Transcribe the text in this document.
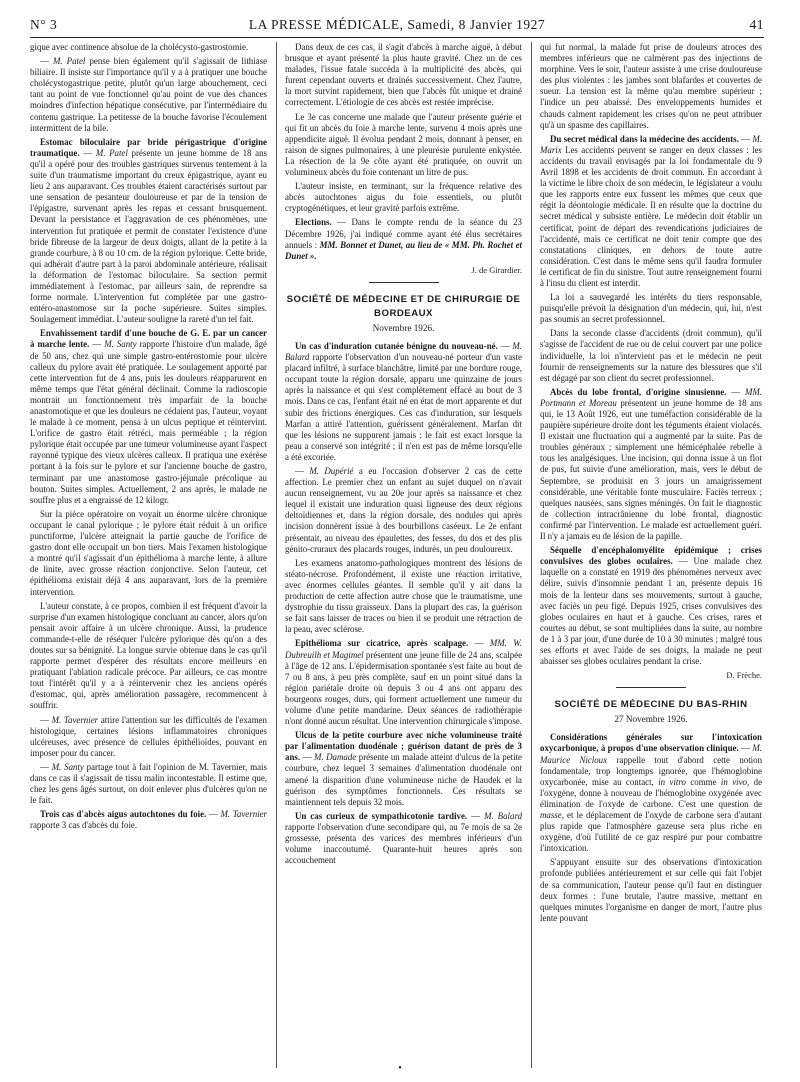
N° 3	LA PRESSE MÉDICALE, Samedi, 8 Janvier 1927	41

gique avec continence absolue de la cholécysto-gastrostomie.

— M. Patel pense bien également qu'il s'agissait de lithiase biliaire. Il insiste sur l'importance qu'il y a à pratiquer une bouche cholécystogastrique petite, plutôt qu'un large abouchement, ceci tant au point de vue fonctionnel qu'au point de vue des chances moindres d'infection hépatique consécutive, par l'intermédiaire du contenu gastrique. La petitesse de la bouche favorise l'écoulement intermittent de la bile.

Estomac biloculaire par bride périgastrique d'origine traumatique. — M. Patel présente un jeune homme de 18 ans qu'il a opéré pour des troubles gastriques survenus tentement à la suite d'un traumatisme important du creux épigastrique, ayant eu lieu 2 ans auparavant. Ces troubles étaient caractérisés surtout par une sensation de pesanteur douloureuse et par de la tension de l'épigastre, survenant après les repas et cessant brusquement. Devant la persistance et l'aggravation de ces phénomènes, une intervention fut pratiquée et permit de constater l'existence d'une bride fibreuse de la largeur de deux doigts, allant de la petite à la grande courbure, à 8 ou 10 cm. de la région pylorique. Cette bride, qui adhérait d'autre part à la paroi abdominale antérieure, réalisait la déformation de l'estomac biloculaire. Sa section permit immédiatement à l'estomac, par ailleurs sain, de reprendre sa forme normale. L'intervention fut complétée par une gastro-entéro-anastomose sur la poche supérieure. Suites simples. Soulagement immédiat. L'auteur souligne la rareté d'un tel fait.

Envahissement tardif d'une bouche de G. E. par un cancer à marche lente. — M. Santy rapporte l'histoire d'un malade, âgé de 50 ans, chez qui une simple gastro-entérostomie pour ulcère calleux du pylore avait été pratiquée. Le soulagement apporté par cette intervention fut de 4 ans, puis les douleurs réapparurent en même temps que l'état général déclinait. Comme la radioscopie montrait un fonctionnement très imparfait de la bouche anastomotique et que les douleurs ne cédaient pas, l'auteur, voyant le malade à ce moment, pensa à un ulcus peptique et réintervint. L'orifice de gastro était rétréci, mais perméable ; la région pylorique était occupée par une tumeur volumineuse ayant l'aspect rayonné typique des vieux ulcères calleux. Il pratiqua une exérèse portant à la fois sur le pylore et sur l'ancienne bouche de gastro, terminant par une anastomose gastro-jéjunale précolique au bouton. Suites simples. Actuellement, 2 ans après, le malade ne souffre plus et a engraissé de 12 kilogr.

Sur la pièce opératoire on voyait un énorme ulcère chronique occupant le canal pylorique ; le pylore était réduit à un orifice punctiforme, l'ulcère atteignait la partie gauche de l'orifice de gastro dont elle occupait un bon tiers. Mais l'examen histologique a montré qu'il s'agissait d'un épithélioma à marche lente, à allure de linite, avec grosse réaction conjonctive. Selon l'auteur, cet épithélioma existait déjà 4 ans auparavant, lors de la première intervention.

L'auteur constate, à ce propos, combien il est fréquent d'avoir la surprise d'un examen histologique concluant au cancer, alors qu'on pensait avoir affaire à un ulcère chronique. Aussi, la prudence commande-t-elle de réséquer l'ulcère pylorique dès qu'on a des doutes sur sa bénignité. La longue survie obtenue dans le cas qu'il rapporte permet d'espérer des résultats encore meilleurs en pratiquant l'ablation radicale précoce. Par ailleurs, ce cas montre tout l'intérêt qu'il y a à réintervenir chez les anciens opérés d'estomac, qui, après amélioration passagère, recommencent à souffrir.

— M. Tavernier attire l'attention sur les difficultés de l'examen histologique, certaines lésions inflammatoires chroniques ulcéreuses, avec présence de cellules épithélioïdes, pouvant en imposer pour du cancer.

— M. Santy partage tout à fait l'opinion de M. Tavernier, mais dans ce cas il s'agissait de tissu malin incontestable. Il estime que, chez les gens âgés surtout, on doit enlever plus d'ulcères qu'on ne le fait.

Trois cas d'abcès aigus autochtones du foie. — M. Tavernier rapporte 3 cas d'abcès du foie.

Dans deux de ces cas, il s'agit d'abcès à marche aiguë, à début brusque et ayant présenté la plus haute gravité. Chez un de ces malades, l'issue fatale succéda à la multiplicité des abcès, qui furent cependant ouverts et drainés successivement. Chez l'autre, la mort survint rapidement, bien que l'abcès fût unique et drainé correctement. L'étiologie de ces abcès est restée imprécise.

Le 3e cas concerne une malade que l'auteur présente guérie et qui fit un abcès du foie à marche lente, survenu 4 mois après une appendicite aiguë. Il évolua pendant 2 mois, donnant à penser, en raison de signes pulmonaires, à une pleurésie purulente enkystée. La résection de la 9e côte ayant été pratiquée, on ouvrit un volumineux abcès du foie contenant un litre de pus.

L'auteur insiste, en terminant, sur la fréquence relative des abcès autochtones aigus du foie essentiels, ou plutôt cryptogénétiques, et leur gravité parfois extrême.

Elections. — Dans le compte rendu de la séance du 23 Décembre 1926, j'ai indiqué comme ayant été élus secrétaires annuels : MM. Bonnet et Dunet, au lieu de « MM. Ph. Rochet et Dunet ».

J. de Girardier.

SOCIÉTÉ DE MÉDECINE ET DE CHIRURGIE DE BORDEAUX
Novembre 1926.

Un cas d'induration cutanée bénigne du nouveau-né. — M. Balard rapporte l'observation d'un nouveau-né porteur d'un vaste placard infiltré, à surface blanchâtre, limité par une bordure rouge, occupant toute la région dorsale, apparu une quinzaine de jours après la naissance et qui s'est complètement effacé au bout de 3 mois. Dans ce cas, l'enfant était né en état de mort apparente et dut subir des frictions énergiques. Ces cas d'induration, sur lesquels Marfan a attiré l'attention, guérissent généralement. Marfan dit que les lésions ne suppurent jamais : le fait est exact lorsque la peau a conservé son intégrité ; il n'en est pas de même lorsqu'elle a été excoriée.

— M. Dupérié a eu l'occasion d'observer 2 cas de cette affection. Le premier chez un enfant au sujet duquel on n'avait aucun renseignement, vu au 20e jour après sa naissance et chez lequel il existait une induration quasi ligneuse des deux régions deltoïdiennes et, dans la région dorsale, des nodules qui après incision donnèrent issue à des bourbillons caséeux. Le 2e enfant présentait, au niveau des épaulettes, des fesses, du dos et des plis génito-cruraux des placards rouges, indurés, un peu douloureux.

Les examens anatomo-pathologiques montrent des lésions de stéato-nécrose. Profondément, il existe une réaction irritative, avec énormes cellules géantes. Il semble qu'il y ait dans la production de cette affection autre chose que le traumatisme, une dystrophie du tissu graisseux. Dans la plupart des cas, la guérison se fait sans laisser de traces ou bien il se produit une rétraction de la peau, avec sclérose.

Epithélioma sur cicatrice, après scalpage. — MM. W. Dubreuilh et Magimel présentent une jeune fille de 24 ans, scalpée à l'âge de 12 ans. L'épidermisation spontanée s'est faite au bout de 7 ou 8 ans, à peu près complète, sauf en un point situé dans la région pariétale droite où depuis 3 ou 4 ans ont apparu des bourgeons rouges, durs, qui forment actuellement une tumeur du volume d'une petite mandarine. Deux séances de radiothérapie n'ont donné aucun résultat. Une intervention chirurgicale s'impose.

Ulcus de la petite courbure avec niche volumineuse traité par l'alimentation duodénale ; guérison datant de près de 3 ans. — M. Damade présente un malade atteint d'ulcus de la petite courbure, chez lequel 3 semaines d'alimentation duodénale ont amené la disparition d'une volumineuse niche de Haudek et la guérison des symptômes fonctionnels. Ces résultats se maintiennent tels depuis 32 mois.

Un cas curieux de sympathicotonie tardive. — M. Balard rapporte l'observation d'une secondipare qui, au 7e mois de sa 2e grossesse, présenta des varices des membres inférieurs d'un volume inaccoutumé. Quarante-huit heures après son accouchement

qui fut normal, la malade fut prise de douleurs atroces des membres inférieurs que ne calmèrent pas des injections de morphine. Vers le soir, l'auteur assiste à une crise douloureuse des plus violentes : les jambes sont blafardes et couvertes de sueur. La tension est la même qu'au membre supérieur ; l'indice un peu abaissé. Des enveloppements humides et chauds calment rapidement les crises qu'on ne peut attribuer qu'à un spasme des capillaires.

Du secret médical dans la médecine des accidents. — M. Marix Les accidents peuvent se ranger en deux classes : les accidents du travail envisagés par la loi fondamentale du 9 Avril 1898 et les accidents de droit commun. En accordant à la victime le libre choix de son médecin, le législateur a voulu que les rapports entre eux fussent les mêmes que ceux que régit la déontologie médicale. Il en résulte que la doctrine du secret médical y subsiste entière. Le médecin doit établir un certificat, point de départ des revendications judiciaires de l'accidenté, mais ce certificat ne doit tenir compte que des constatations cliniques, en dehors de toute autre considération. C'est dans le même sens qu'il faudra formuler le certificat de fin du sinistre. Tout autre renseignement fourni à l'insu du client est interdit.

La loi a sauvegardé les intérêts du tiers responsable, puisqu'elle prévoit la désignation d'un médecin, qui, lui, n'est pas soumis au secret professionnel.

Dans la seconde classe d'accidents (droit commun), qu'il s'agisse de l'accident de rue ou de celui couvert par une police individuelle, la loi n'intervient pas et le médecin ne peut fournir de renseignements sur la nature des blessures que s'il est dégagé par son client du secret professionnel.

Abcès du lobe frontal, d'origine sinusienne. — MM. Portmann et Moreau présentent un jeune homme de 18 ans qui, le 13 Août 1926, eut une tuméfaction considérable de la paupière supérieure droite dont les téguments étaient violacés. Il existait une fluctuation qui a augmenté par la suite. Pas de troubles généraux ; simplement une hémicéphalée rebelle à tous les analgésiques. Une incision, qui donna issue à un flot de pus, fut suivie d'une amélioration, mais, vers le début de Septembre, se produisit en 3 jours un amaigrissement considérable, une véritable fonte musculaire. Faciès terreux ; quelques nausées, sans signes méningés. On fait le diagnostic de collection intracrânienne du lobe frontal, diagnostic confirmé par l'intervention. Le malade est actuellement guéri. Il n'y a jamais eu de lésion de la papille.

Séquelle d'encéphalomyélite épidémique ; crises convulsives des globes oculaires. — Une malade chez laquelle on a constaté en 1919 des phénomènes nerveux avec délire, suivis d'insomnie pendant 1 an, présente depuis 16 mois de la lenteur dans ses mouvements, surtout à gauche, avec faciès un peu figé. Depuis 1925, crises convulsives des globes oculaires en haut et à gauche. Ces crises, rares et courtes au début, se sont multipliées dans la suite, au nombre de 1 à 3 par jour, d'une durée de 10 à 30 minutes ; malgré tous ses efforts et avec l'aide de ses doigts, la malade ne peut abaisser ses globes oculaires pendant la crise.

D. Frèche.

SOCIÉTÉ DE MÉDECINE DU BAS-RHIN
27 Novembre 1926.

Considérations générales sur l'intoxication oxycarbonique, à propos d'une observation clinique. — M. Maurice Nicloux rappelle tout d'abord cette notion fondamentale, trop longtemps ignorée, que l'hémoglobine oxycarbonée, mise au contact, in vitro comme in vivo, de l'oxygène, donne à nouveau de l'hémoglobine oxygénée avec élimination de l'oxyde de carbone. C'est une question de masse, et le déplacement de l'oxyde de carbone sera d'autant plus rapide que l'atmosphère gazeuse sera plus riche en oxygène, d'où l'utilité de ce gaz respiré pur pour combattre l'intoxication.

S'appuyant ensuite sur des observations d'intoxication profonde publiées antérieurement et sur celle qui fait l'objet de sa communication, l'auteur pense qu'il faut en distinguer deux formes : l'une brutale, l'autre massive, mettant en quelques minutes l'organisme en danger de mort, l'autre plus lente pouvant

•
